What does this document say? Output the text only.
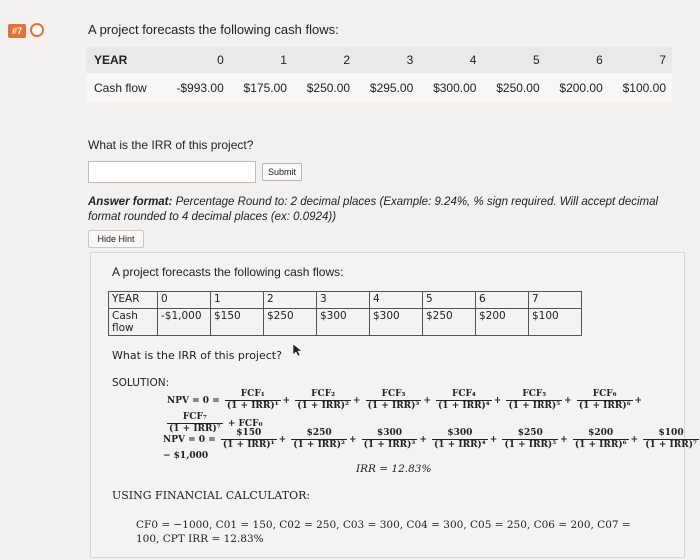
#7	A project forecasts the following cash flows:
YEAR	0	1	2	3	4	5	6	7
Cash flow	-$993.00	$175.00	$250.00	$295.00	$300.00	$250.00	$200.00	$100.00
What is the IRR of this project?
Submit
Answer format: Percentage Round to: 2 decimal places (Example: 9.24%, % sign required. Will accept decimal format rounded to 4 decimal places (ex: 0.0924))
Hide Hint
A project forecasts the following cash flows:
YEAR	0	1	2	3	4	5	6	7
Cash
flow	-$1,000	$150	$250	$300	$300	$250	$200	$100
What is the IRR of this project?
SOLUTION:
NPV = $0 = \frac{\text{FCF₁}}{\text{(1 + IRR)¹}} + \frac{\text{FCF₂}}{\text{(1 + IRR)²}} + \frac{\text{FCF₃}}{\text{(1 + IRR)³}} + \frac{\text{FCF₄}}{\text{(1 + IRR)⁴}} + \frac{\text{FCF₅}}{\text{(1 + IRR)⁵}} + \frac{\text{FCF₆}}{\text{(1 + IRR)⁶}}$ +
$\frac{\text{FCF₇}}{\text{(1 + IRR)⁷}} + FCF_0$
NPV = $0 = \frac{\$150}{\text{(1 + IRR)¹}} + \frac{\$250}{\text{(1 + IRR)²}} + \frac{\$300}{\text{(1 + IRR)³}} + \frac{\$300}{\text{(1 + IRR)⁴}} + \frac{\$250}{\text{(1 + IRR)⁵}} + \frac{\$200}{\text{(1 + IRR)⁶}} + \frac{\$100}{\text{(1 + IRR)⁷}}$
− $1,000
IRR = 12.83%
USING FINANCIAL CALCULATOR:
CF0 = −1000, C01 = 150, C02 = 250, C03 = 300, C04 = 300, C05 = 250, C06 = 200, C07 = 100, CPT IRR = 12.83%
